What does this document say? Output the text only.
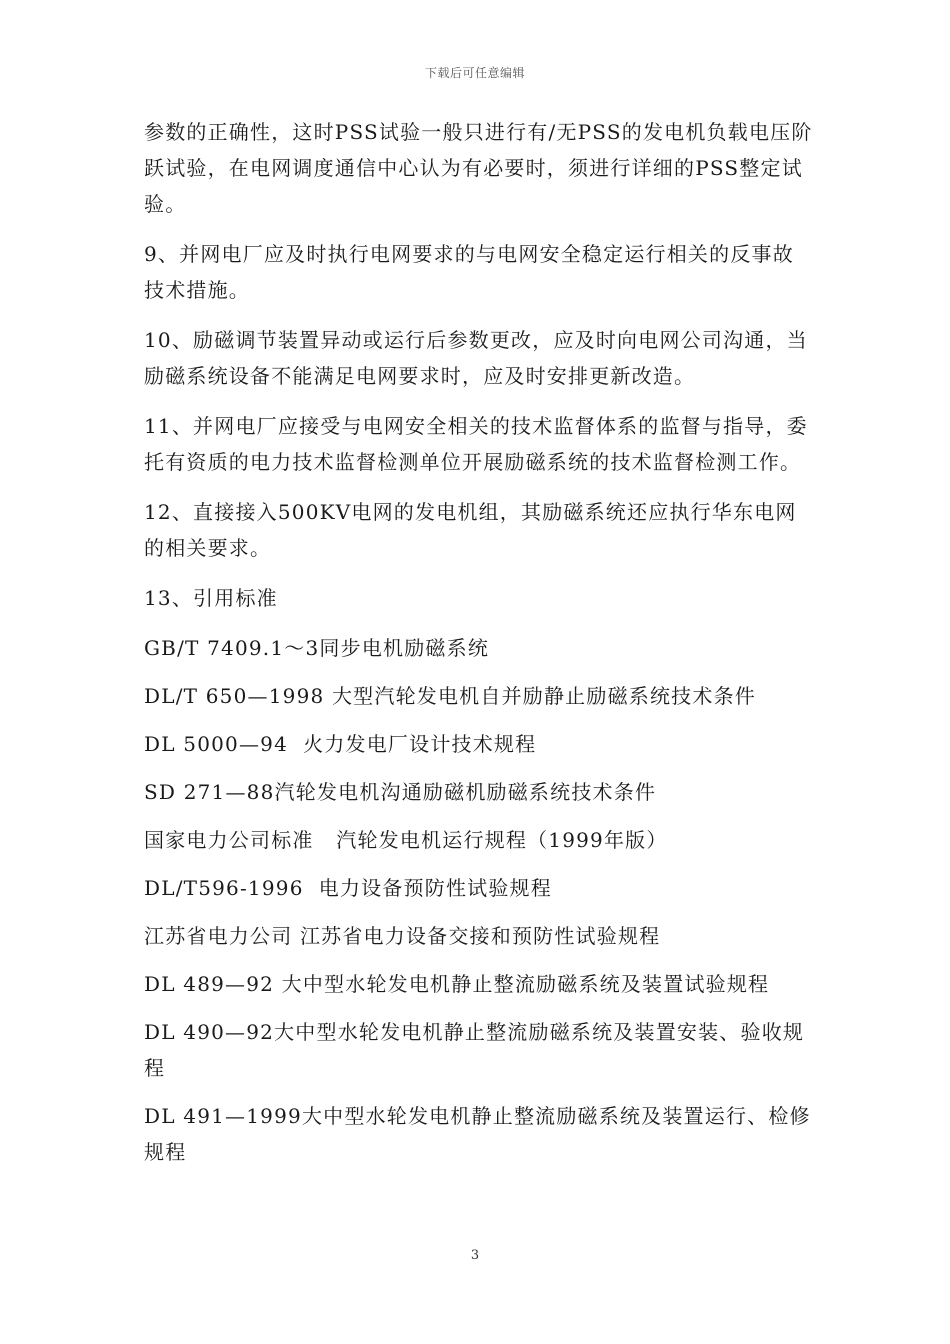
下载后可任意编辑

参数的正确性，这时PSS试验一般只进行有/无PSS的发电机负载电压阶跃试验，在电网调度通信中心认为有必要时，须进行详细的PSS整定试验。

9、并网电厂应及时执行电网要求的与电网安全稳定运行相关的反事故技术措施。

10、励磁调节装置异动或运行后参数更改，应及时向电网公司沟通，当励磁系统设备不能满足电网要求时，应及时安排更新改造。

11、并网电厂应接受与电网安全相关的技术监督体系的监督与指导，委托有资质的电力技术监督检测单位开展励磁系统的技术监督检测工作。

12、直接接入500KV电网的发电机组，其励磁系统还应执行华东电网的相关要求。

13、引用标准

GB/T 7409.1～3同步电机励磁系统

DL/T 650—1998 大型汽轮发电机自并励静止励磁系统技术条件

DL 5000—94  火力发电厂设计技术规程

SD 271—88汽轮发电机沟通励磁机励磁系统技术条件

国家电力公司标准   汽轮发电机运行规程（1999年版）

DL/T596-1996  电力设备预防性试验规程

江苏省电力公司 江苏省电力设备交接和预防性试验规程

DL 489—92 大中型水轮发电机静止整流励磁系统及装置试验规程

DL 490—92大中型水轮发电机静止整流励磁系统及装置安装、验收规程

DL 491—1999大中型水轮发电机静止整流励磁系统及装置运行、检修规程

3
